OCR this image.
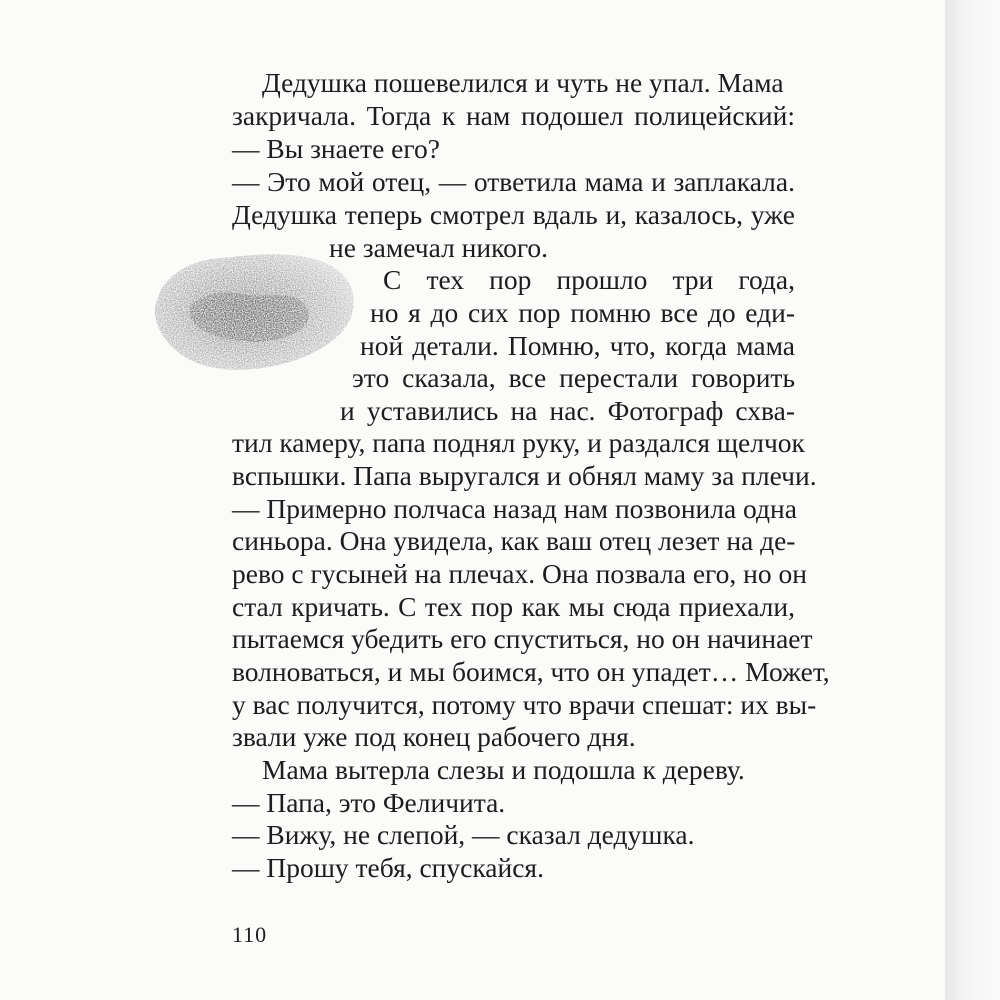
Дедушка пошевелился и чуть не упал. Мама
закричала. Тогда к нам подошел полицейский:
— Вы знаете его?
— Это мой отец, — ответила мама и заплакала.
Дедушка теперь смотрел вдаль и, казалось, уже
не замечал никого.
С тех пор прошло три года,
но я до сих пор помню все до еди-
ной детали. Помню, что, когда мама
это сказала, все перестали говорить
и уставились на нас. Фотограф схва-
тил камеру, папа поднял руку, и раздался щелчок
вспышки. Папа выругался и обнял маму за плечи.
— Примерно полчаса назад нам позвонила одна
синьора. Она увидела, как ваш отец лезет на де-
рево с гусыней на плечах. Она позвала его, но он
стал кричать. С тех пор как мы сюда приехали,
пытаемся убедить его спуститься, но он начинает
волноваться, и мы боимся, что он упадет… Может,
у вас получится, потому что врачи спешат: их вы-
звали уже под конец рабочего дня.
Мама вытерла слезы и подошла к дереву.
— Папа, это Феличита.
— Вижу, не слепой, — сказал дедушка.
— Прошу тебя, спускайся.
110
